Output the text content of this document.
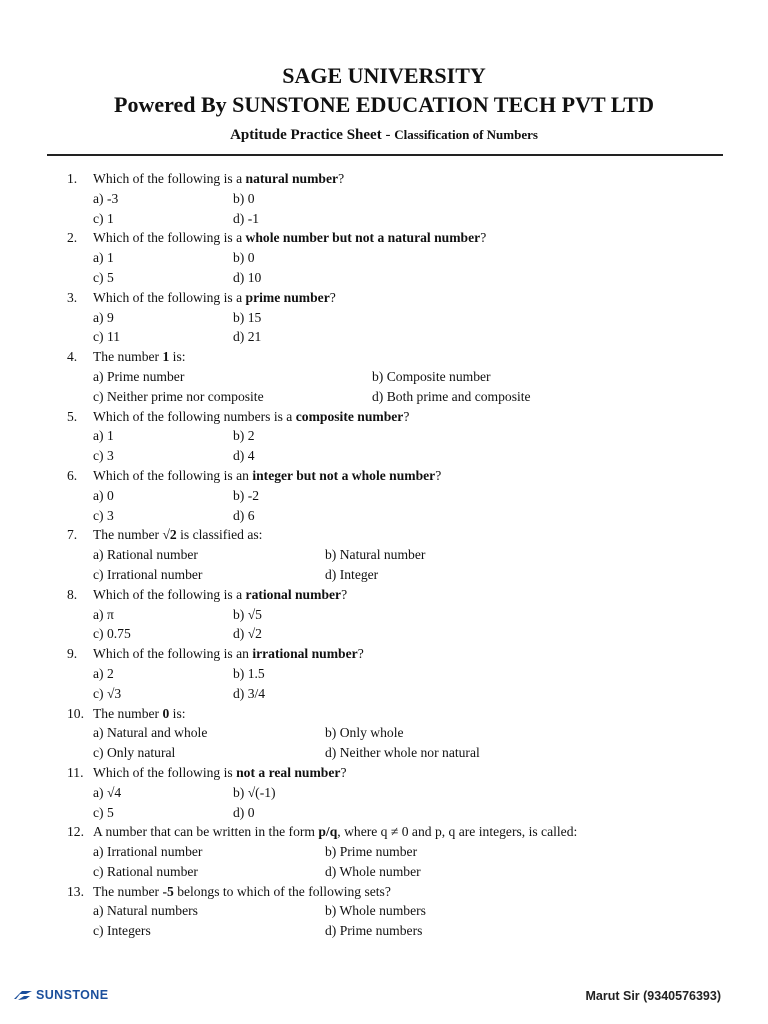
SAGE UNIVERSITY
Powered By SUNSTONE EDUCATION TECH PVT LTD
Aptitude Practice Sheet - Classification of Numbers
1. Which of the following is a natural number?
a) -3	b) 0
c) 1	d) -1
2. Which of the following is a whole number but not a natural number?
a) 1	b) 0
c) 5	d) 10
3. Which of the following is a prime number?
a) 9	b) 15
c) 11	d) 21
4. The number 1 is:
a) Prime number	b) Composite number
c) Neither prime nor composite	d) Both prime and composite
5. Which of the following numbers is a composite number?
a) 1	b) 2
c) 3	d) 4
6. Which of the following is an integer but not a whole number?
a) 0	b) -2
c) 3	d) 6
7. The number √2 is classified as:
a) Rational number	b) Natural number
c) Irrational number	d) Integer
8. Which of the following is a rational number?
a) π	b) √5
c) 0.75	d) √2
9. Which of the following is an irrational number?
a) 2	b) 1.5
c) √3	d) 3/4
10. The number 0 is:
a) Natural and whole	b) Only whole
c) Only natural	d) Neither whole nor natural
11. Which of the following is not a real number?
a) √4	b) √(-1)
c) 5	d) 0
12. A number that can be written in the form p/q, where q ≠ 0 and p, q are integers, is called:
a) Irrational number	b) Prime number
c) Rational number	d) Whole number
13. The number -5 belongs to which of the following sets?
a) Natural numbers	b) Whole numbers
c) Integers	d) Prime numbers
SUNSTONE	Marut Sir (9340576393)
